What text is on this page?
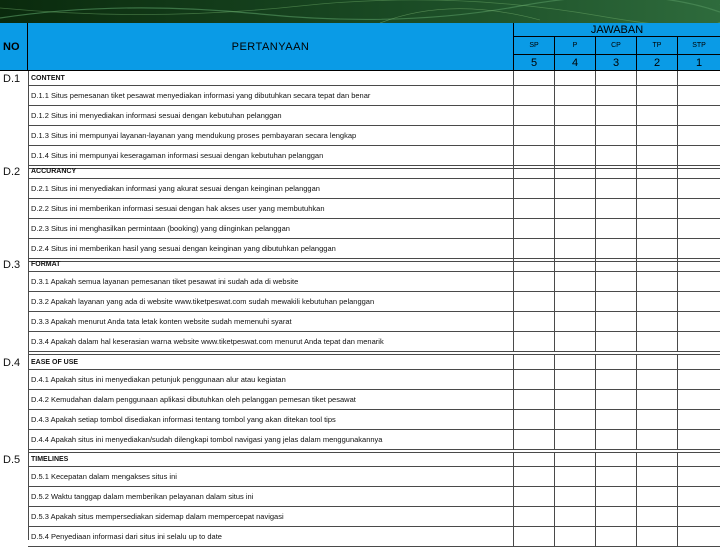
NO	PERTANYAAN
JAWABAN
SP	P	CP	TP	STP
5	4	3	2	1
D.1	CONTENT
D.1.1 Situs pemesanan tiket pesawat menyediakan informasi yang dibutuhkan secara tepat dan benar
D.1.2 Situs ini menyediakan informasi sesuai dengan kebutuhan pelanggan
D.1.3 Situs ini mempunyai layanan-layanan yang mendukung proses pembayaran secara lengkap
D.1.4 Situs ini mempunyai keseragaman informasi sesuai dengan kebutuhan pelanggan
D.2	ACCURANCY
D.2.1 Situs ini menyediakan informasi yang akurat sesuai dengan keinginan pelanggan
D.2.2 Situs ini memberikan informasi sesuai dengan hak akses user yang membutuhkan
D.2.3 Situs ini menghasilkan permintaan (booking) yang diinginkan pelanggan
D.2.4 Situs ini memberikan hasil yang sesuai dengan keinginan yang dibutuhkan pelanggan
D.3	FORMAT
D.3.1 Apakah semua layanan pemesanan tiket pesawat ini sudah ada di website
D.3.2 Apakah layanan yang ada di website www.tiketpeswat.com sudah mewakili kebutuhan pelanggan
D.3.3 Apakah menurut Anda tata letak konten website sudah memenuhi syarat
D.3.4 Apakah dalam hal keserasian warna website www.tiketpeswat.com menurut Anda tepat dan menarik
D.4	EASE OF USE
D.4.1 Apakah situs ini menyediakan petunjuk penggunaan alur atau kegiatan
D.4.2 Kemudahan dalam penggunaan aplikasi dibutuhkan oleh pelanggan pemesan tiket pesawat
D.4.3 Apakah setiap tombol disediakan informasi tentang tombol yang akan ditekan tool tips
D.4.4 Apakah situs ini menyediakan/sudah dilengkapi tombol navigasi yang jelas dalam menggunakannya
D.5	TIMELINES
D.5.1 Kecepatan dalam mengakses situs ini
D.5.2 Waktu tanggap dalam memberikan pelayanan dalam situs ini
D.5.3 Apakah situs mempersediakan sidemap dalam mempercepat navigasi
D.5.4 Penyediaan informasi dari situs ini selalu up to date
